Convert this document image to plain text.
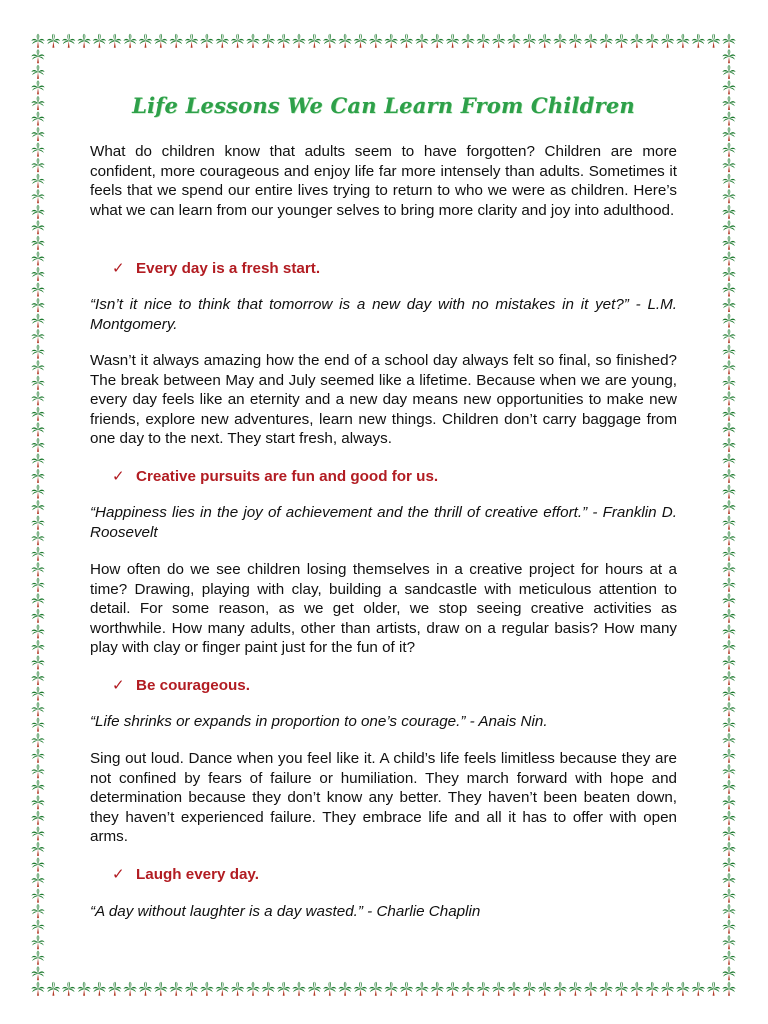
Life Lessons We Can Learn From Children

What do children know that adults seem to have forgotten? Children are more confident, more courageous and enjoy life far more intensely than adults. Sometimes it feels that we spend our entire lives trying to return to who we were as children. Here’s what we can learn from our younger selves to bring more clarity and joy into adulthood.

✓ Every day is a fresh start.

“Isn’t it nice to think that tomorrow is a new day with no mistakes in it yet?” - L.M. Montgomery.

Wasn’t it always amazing how the end of a school day always felt so final, so finished? The break between May and July seemed like a lifetime. Because when we are young, every day feels like an eternity and a new day means new opportunities to make new friends, explore new adventures, learn new things. Children don’t carry baggage from one day to the next. They start fresh, always.

✓ Creative pursuits are fun and good for us.

“Happiness lies in the joy of achievement and the thrill of creative effort.” - Franklin D. Roosevelt

How often do we see children losing themselves in a creative project for hours at a time? Drawing, playing with clay, building a sandcastle with meticulous attention to detail. For some reason, as we get older, we stop seeing creative activities as worthwhile. How many adults, other than artists, draw on a regular basis? How many play with clay or finger paint just for the fun of it?

✓ Be courageous.

“Life shrinks or expands in proportion to one’s courage.” - Anais Nin.

Sing out loud. Dance when you feel like it. A child’s life feels limitless because they are not confined by fears of failure or humiliation. They march forward with hope and determination because they don’t know any better. They haven’t been beaten down, they haven’t experienced failure. They embrace life and all it has to offer with open arms.

✓ Laugh every day.

“A day without laughter is a day wasted.” - Charlie Chaplin
